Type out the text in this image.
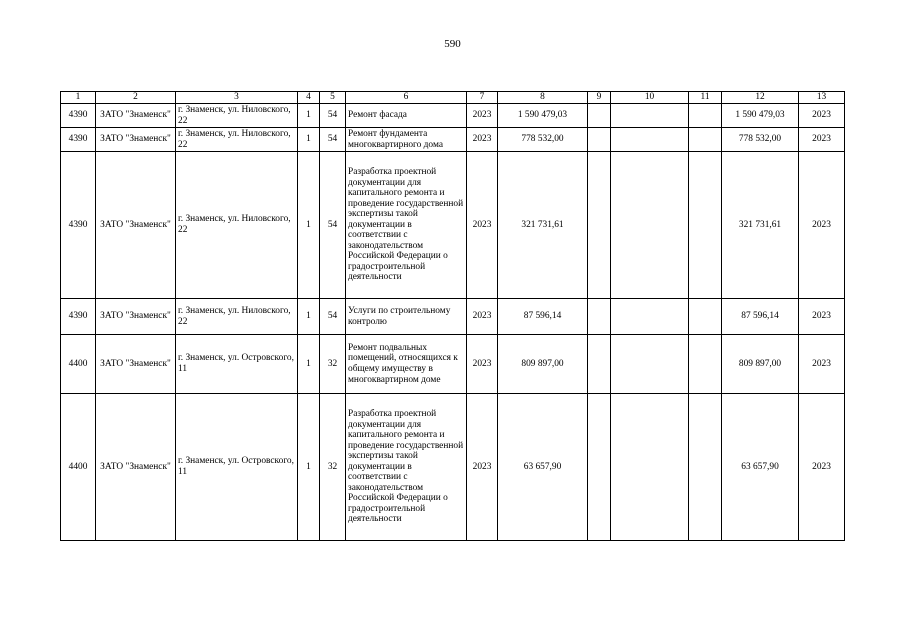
590
1	2	3	4	5	6	7	8	9	10	11	12	13
4390	ЗАТО "Знаменск"	г. Знаменск, ул. Ниловского, 22	1	54	Ремонт фасада	2023	1 590 479,03				1 590 479,03	2023
4390	ЗАТО "Знаменск"	г. Знаменск, ул. Ниловского, 22	1	54	Ремонт фундамента многоквартирного дома	2023	778 532,00				778 532,00	2023
4390	ЗАТО "Знаменск"	г. Знаменск, ул. Ниловского, 22	1	54	Разработка проектной документации для капитального ремонта и проведение государственной экспертизы такой документации в соответствии с законодательством Российской Федерации о градостроительной деятельности	2023	321 731,61				321 731,61	2023
4390	ЗАТО "Знаменск"	г. Знаменск, ул. Ниловского, 22	1	54	Услуги по строительному контролю	2023	87 596,14				87 596,14	2023
4400	ЗАТО "Знаменск"	г. Знаменск, ул. Островского, 11	1	32	Ремонт подвальных помещений, относящихся к общему имуществу в многоквартирном доме	2023	809 897,00				809 897,00	2023
4400	ЗАТО "Знаменск"	г. Знаменск, ул. Островского, 11	1	32	Разработка проектной документации для капитального ремонта и проведение государственной экспертизы такой документации в соответствии с законодательством Российской Федерации о градостроительной деятельности	2023	63 657,90				63 657,90	2023
